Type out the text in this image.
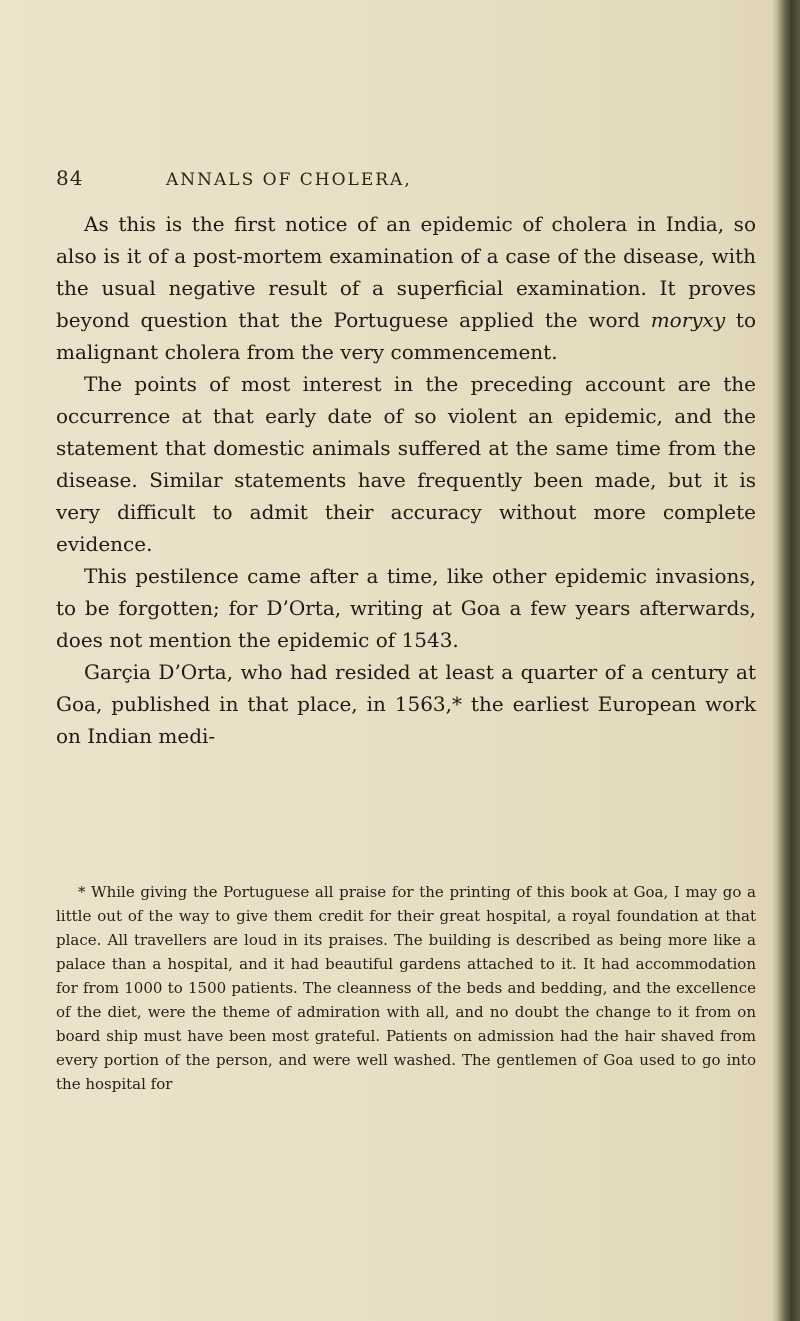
84	ANNALS OF CHOLERA,

As this is the first notice of an epidemic of cholera in India, so also is it of a post-mortem examination of a case of the disease, with the usual negative result of a superficial examination. It proves beyond question that the Portuguese applied the word moryxy to malignant cholera from the very commencement.

The points of most interest in the preceding account are the occurrence at that early date of so violent an epidemic, and the statement that domestic animals suffered at the same time from the disease. Similar statements have frequently been made, but it is very difficult to admit their accuracy without more complete evidence.

This pestilence came after a time, like other epidemic invasions, to be forgotten; for D’Orta, writing at Goa a few years afterwards, does not mention the epidemic of 1543.

Garçia D’Orta, who had resided at least a quarter of a century at Goa, published in that place, in 1563,* the earliest European work on Indian medi-

* While giving the Portuguese all praise for the printing of this book at Goa, I may go a little out of the way to give them credit for their great hospital, a royal foundation at that place. All travellers are loud in its praises. The building is described as being more like a palace than a hospital, and it had beautiful gardens attached to it. It had accommodation for from 1000 to 1500 patients. The cleanness of the beds and bedding, and the excellence of the diet, were the theme of admiration with all, and no doubt the change to it from on board ship must have been most grateful. Patients on admission had the hair shaved from every portion of the person, and were well washed. The gentlemen of Goa used to go into the hospital for
